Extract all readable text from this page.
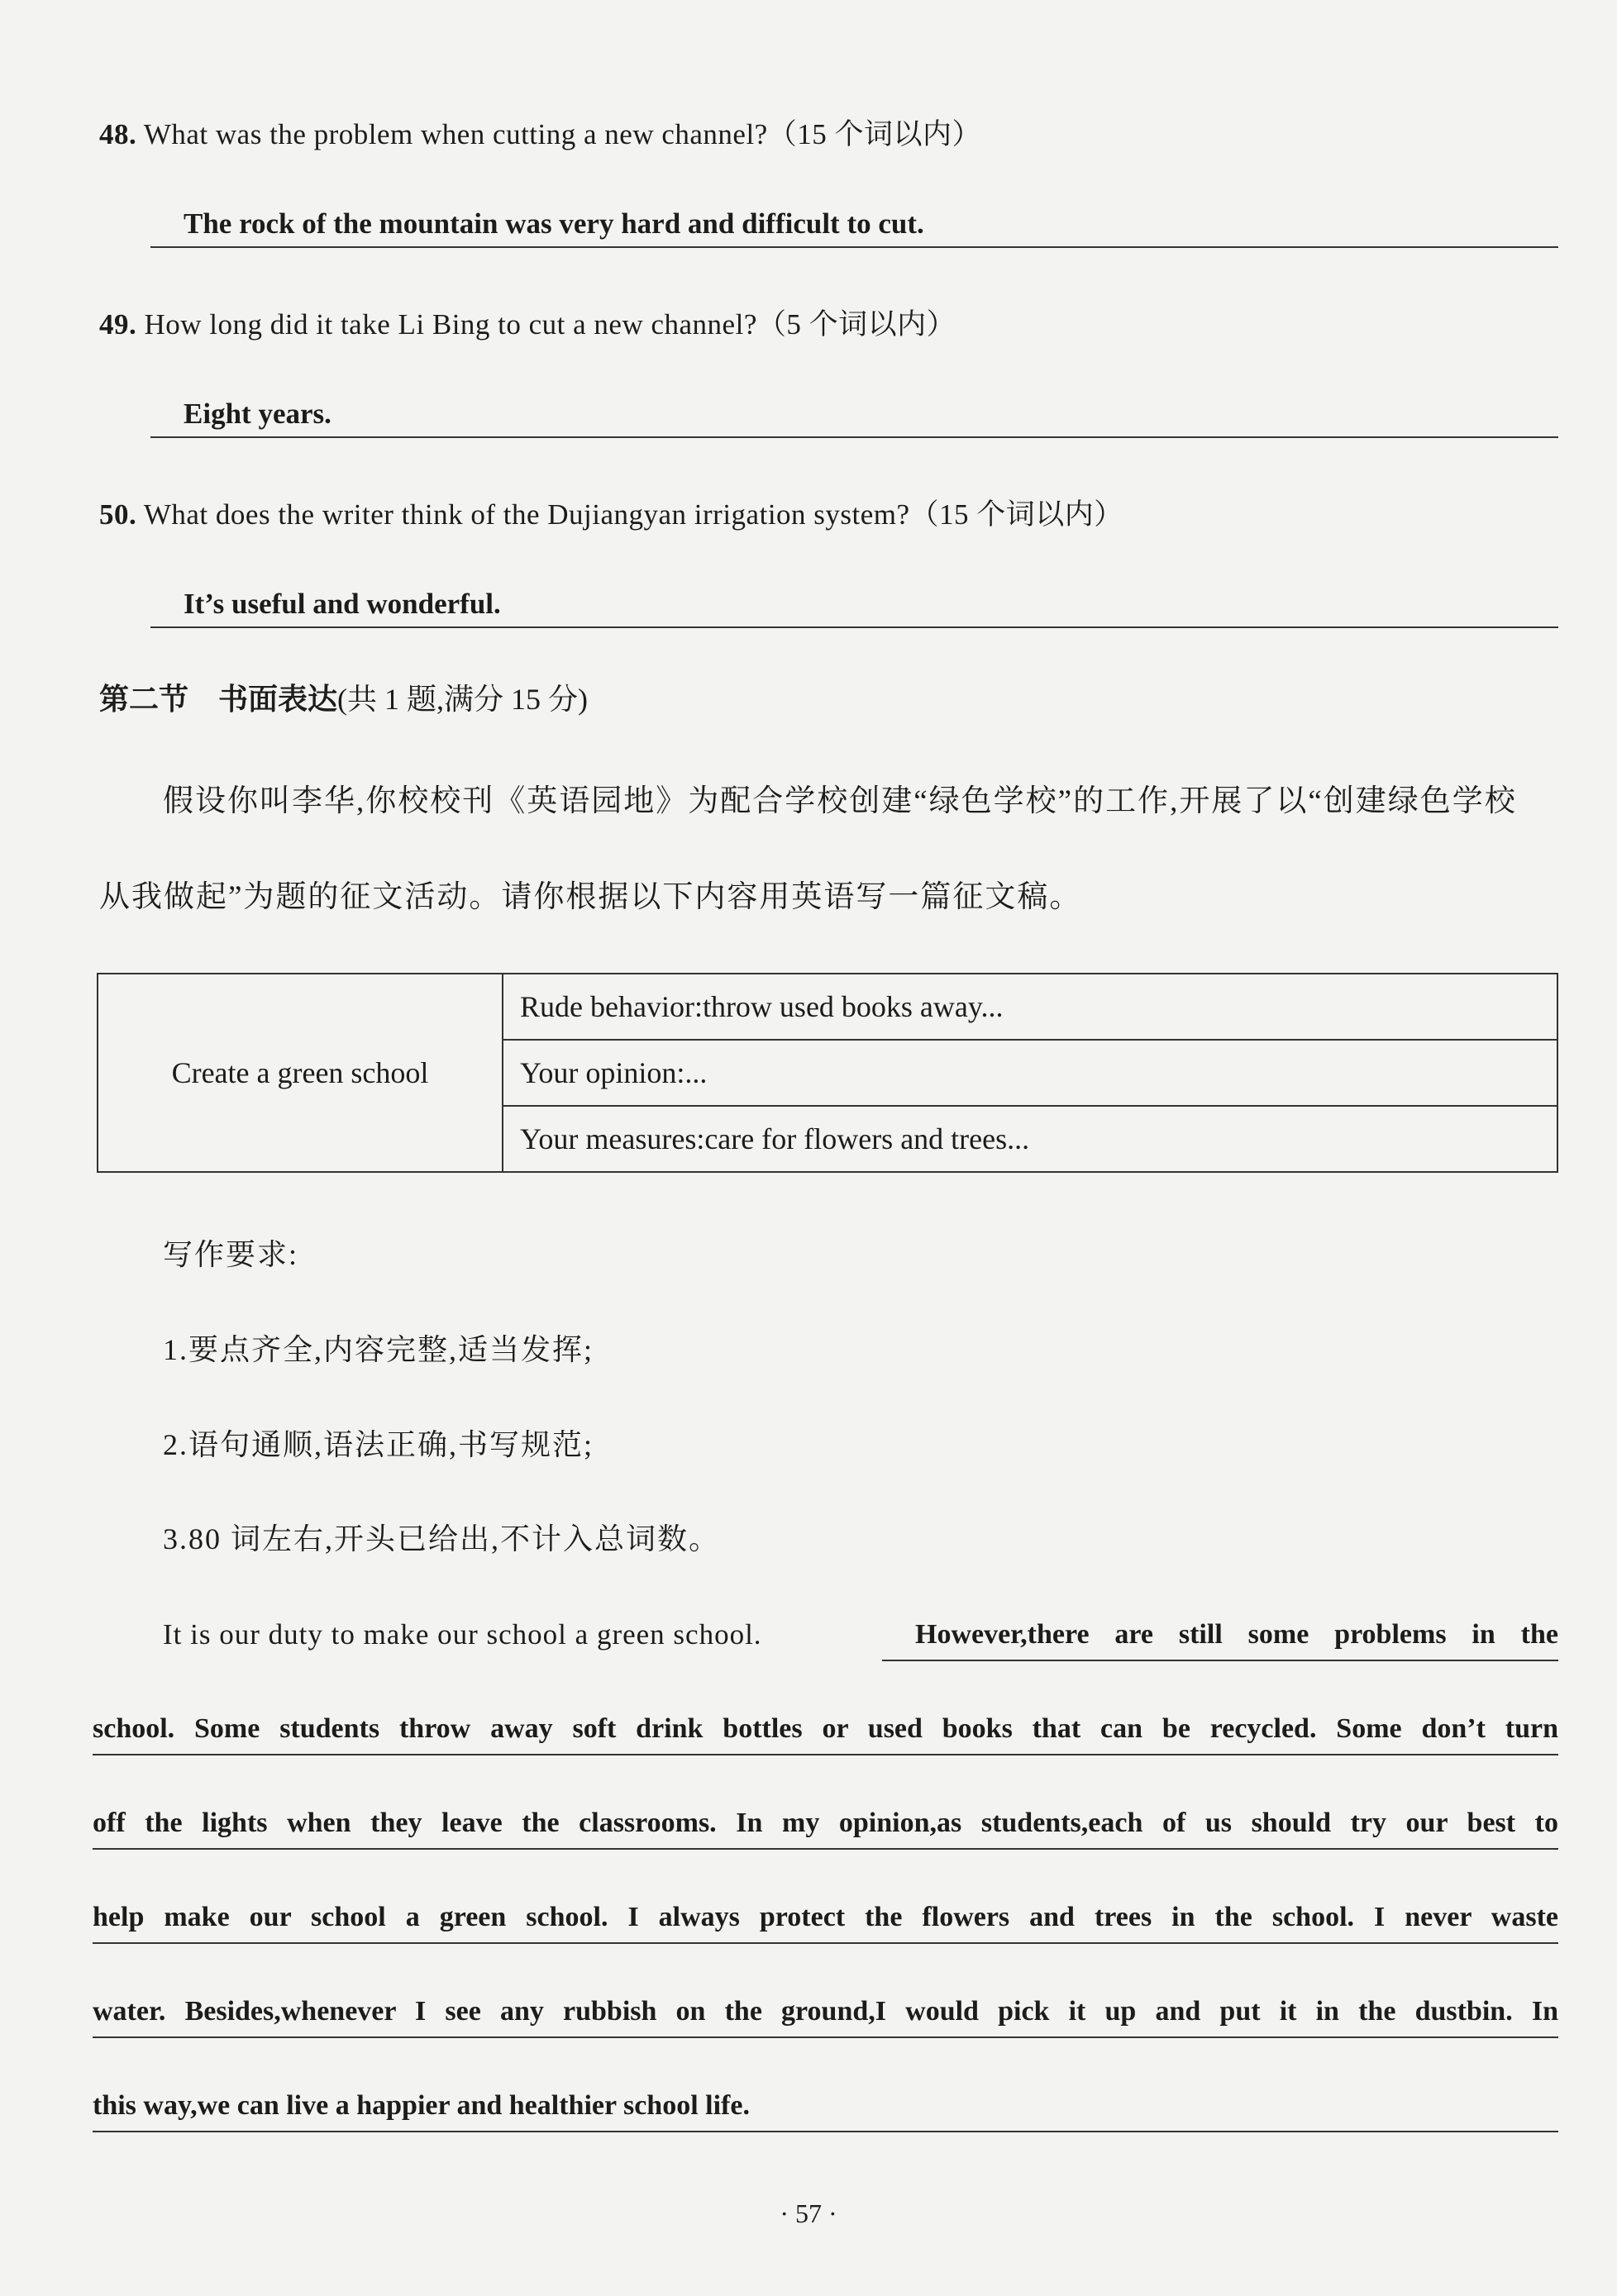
48. What was the problem when cutting a new channel?（15 个词以内）
The rock of the mountain was very hard and difficult to cut.
49. How long did it take Li Bing to cut a new channel?（5 个词以内）
Eight years.
50. What does the writer think of the Dujiangyan irrigation system?（15 个词以内）
It’s useful and wonderful.
第二节　书面表达(共 1 题,满分 15 分)
假设你叫李华,你校校刊《英语园地》为配合学校创建“绿色学校”的工作,开展了以“创建绿色学校
从我做起”为题的征文活动。请你根据以下内容用英语写一篇征文稿。
Create a green school	Rude behavior:throw used books away...
Your opinion:...
Your measures:care for flowers and trees...
写作要求:
1.要点齐全,内容完整,适当发挥;
2.语句通顺,语法正确,书写规范;
3.80 词左右,开头已给出,不计入总词数。
It is our duty to make our school a green school.	However,there are still some problems in the
school. Some students throw away soft drink bottles or used books that can be recycled. Some don’t turn
off the lights when they leave the classrooms. In my opinion,as students,each of us should try our best to
help make our school a green school. I always protect the flowers and trees in the school. I never waste
water. Besides,whenever I see any rubbish on the ground,I would pick it up and put it in the dustbin. In
this way,we can live a happier and healthier school life.
· 57 ·
